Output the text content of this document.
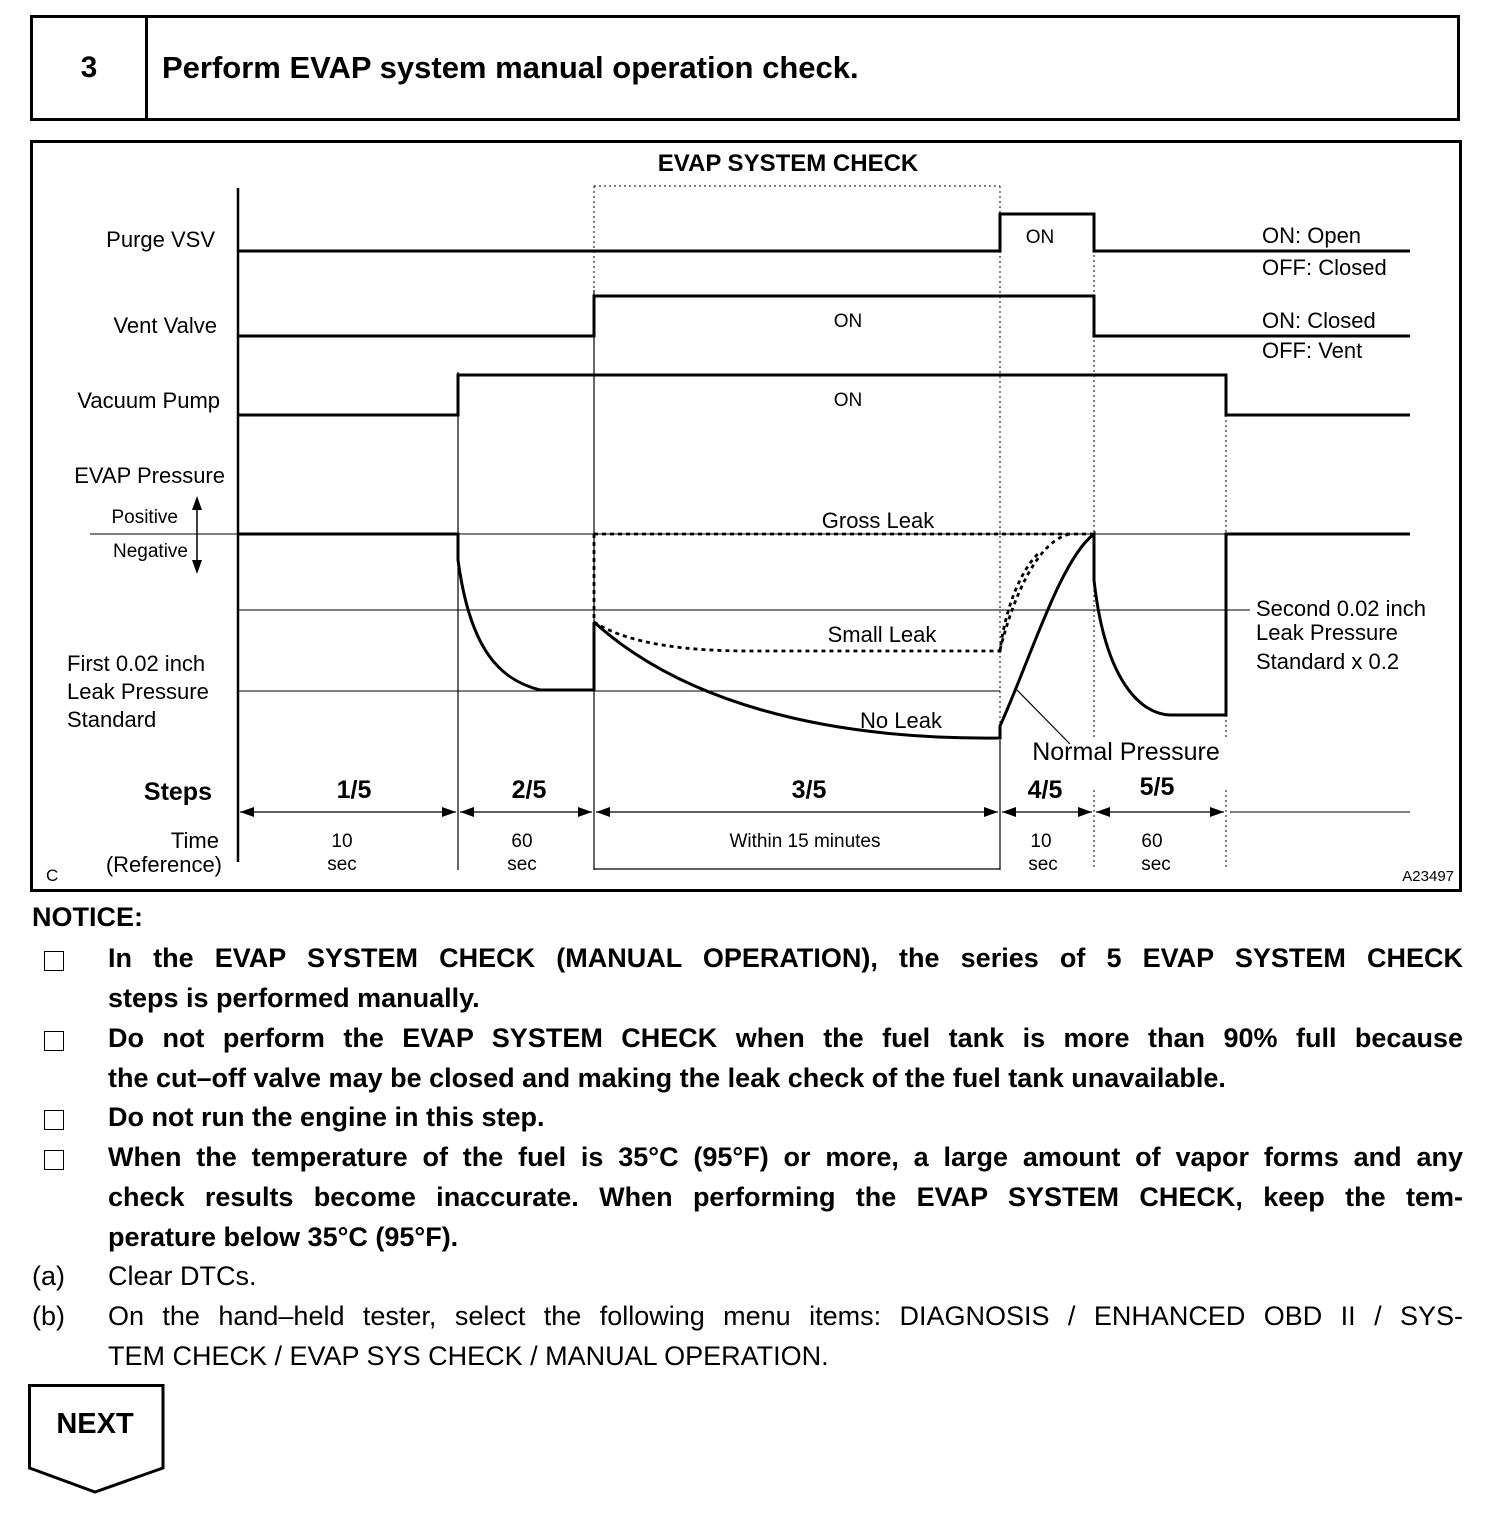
3	Perform EVAP system manual operation check.
EVAP SYSTEM CHECK
Purge VSV
Vent Valve
Vacuum Pump
EVAP Pressure
Positive
Negative
First 0.02 inch
Leak Pressure
Standard
Steps
Time
(Reference)
ON
ON
ON
ON: Open
OFF: Closed
ON: Closed
OFF: Vent
Second 0.02 inch
Leak Pressure
Standard x 0.2
Gross Leak
Small Leak
No Leak
Normal Pressure
1/5	2/5	3/5	4/5	5/5
10
sec
60
sec
Within 15 minutes	10
sec
60
sec
C	A23497
NOTICE:
In the EVAP SYSTEM CHECK (MANUAL OPERATION), the series of 5 EVAP SYSTEM CHECK
steps is performed manually.
Do not perform the EVAP SYSTEM CHECK when the fuel tank is more than 90% full because
the cut–off valve may be closed and making the leak check of the fuel tank unavailable.
Do not run the engine in this step.
When the temperature of the fuel is 35°C (95°F) or more, a large amount of vapor forms and any
check results become inaccurate. When performing the EVAP SYSTEM CHECK, keep the tem-
perature below 35°C (95°F).
(a) Clear DTCs.
(b) On the hand–held tester, select the following menu items: DIAGNOSIS / ENHANCED OBD II / SYS-
TEM CHECK / EVAP SYS CHECK / MANUAL OPERATION.
NEXT
